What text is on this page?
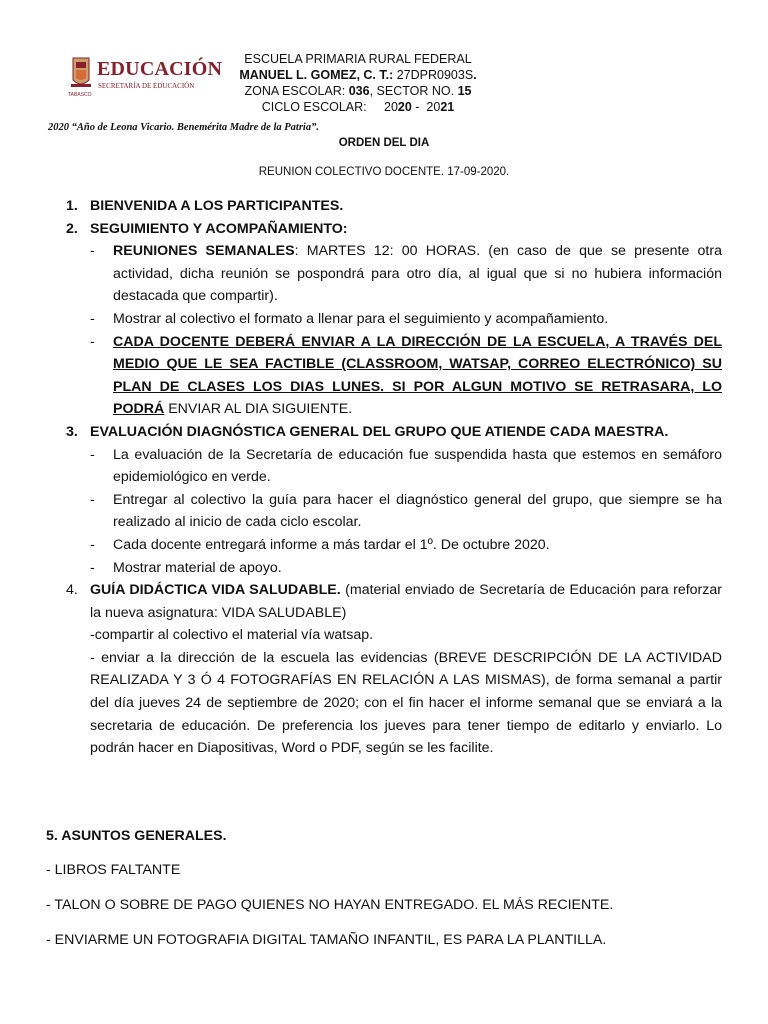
EDUCACIÓN
SECRETARÍA DE EDUCACIÓN
TABASCO
ESCUELA PRIMARIA RURAL FEDERAL
MANUEL L. GOMEZ, C. T.: 27DPR0903S.
ZONA ESCOLAR: 036, SECTOR NO. 15
CICLO ESCOLAR:     2020 -  2021
2020 “Año de Leona Vicario. Benemérita Madre de la Patria”.
ORDEN DEL DIA
REUNION COLECTIVO DOCENTE. 17-09-2020.
1. BIENVENIDA A LOS PARTICIPANTES.
2. SEGUIMIENTO Y ACOMPAÑAMIENTO:
-	REUNIONES SEMANALES: MARTES 12: 00 HORAS. (en caso de que se presente otra actividad, dicha reunión se pospondrá para otro día, al igual que si no hubiera información destacada que compartir).
-	Mostrar al colectivo el formato a llenar para el seguimiento y acompañamiento.
-	CADA DOCENTE DEBERÁ ENVIAR A LA DIRECCIÓN DE LA ESCUELA, A TRAVÉS DEL MEDIO QUE LE SEA FACTIBLE (CLASSROOM, WATSAP, CORREO ELECTRÓNICO) SU PLAN DE CLASES LOS DIAS LUNES. SI POR ALGUN MOTIVO SE RETRASARA, LO PODRÁ ENVIAR AL DIA SIGUIENTE.
3. EVALUACIÓN DIAGNÓSTICA GENERAL DEL GRUPO QUE ATIENDE CADA MAESTRA.
-	La evaluación de la Secretaría de educación fue suspendida hasta que estemos en semáforo epidemiológico en verde.
-	Entregar al colectivo la guía para hacer el diagnóstico general del grupo, que siempre se ha realizado al inicio de cada ciclo escolar.
-	Cada docente entregará informe a más tardar el 1º. De octubre 2020.
-	Mostrar material de apoyo.
4. GUÍA DIDÁCTICA VIDA SALUDABLE. (material enviado de Secretaría de Educación para reforzar la nueva asignatura: VIDA SALUDABLE)

-compartir al colectivo el material vía watsap.

- enviar a la dirección de la escuela las evidencias (BREVE DESCRIPCIÓN DE LA ACTIVIDAD REALIZADA Y 3 Ó 4 FOTOGRAFÍAS EN RELACIÓN A LAS MISMAS), de forma semanal a partir del día jueves 24 de septiembre de 2020; con el fin hacer el informe semanal que se enviará a la secretaria de educación. De preferencia los jueves para tener tiempo de editarlo y enviarlo. Lo podrán hacer en Diapositivas, Word o PDF, según se les facilite.

5. ASUNTOS GENERALES.
- LIBROS FALTANTE
- TALON O SOBRE DE PAGO QUIENES NO HAYAN ENTREGADO. EL MÁS RECIENTE.
- ENVIARME UN FOTOGRAFIA DIGITAL TAMAÑO INFANTIL, ES PARA LA PLANTILLA.
